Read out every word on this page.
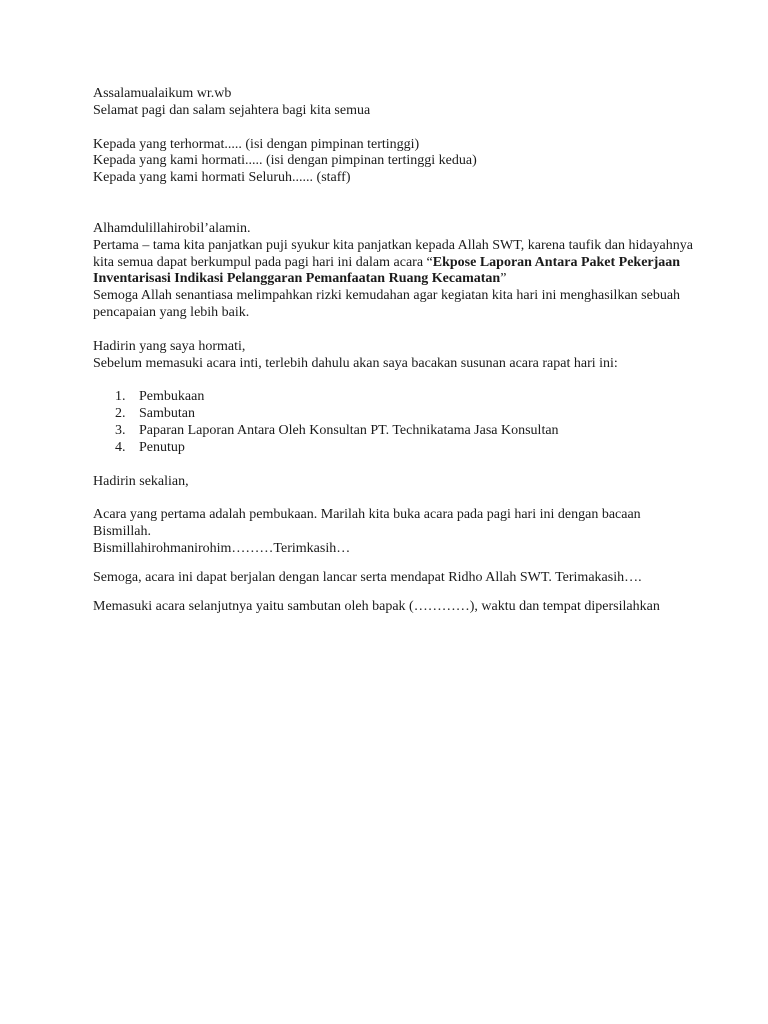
Assalamualaikum wr.wb

Selamat pagi dan salam sejahtera bagi kita semua

Kepada yang terhormat..... (isi dengan pimpinan tertinggi)

Kepada yang kami hormati..... (isi dengan pimpinan tertinggi kedua)

Kepada yang kami hormati Seluruh...... (staff)

Alhamdulillahirobil’alamin.

Pertama – tama kita panjatkan puji syukur kita panjatkan kepada Allah SWT, karena taufik dan hidayahnya kita semua dapat berkumpul pada pagi hari ini dalam acara “Ekpose Laporan Antara Paket Pekerjaan Inventarisasi Indikasi Pelanggaran Pemanfaatan Ruang Kecamatan”

Semoga Allah senantiasa melimpahkan rizki kemudahan agar kegiatan kita hari ini menghasilkan sebuah pencapaian yang lebih baik.

Hadirin yang saya hormati,

Sebelum memasuki acara inti, terlebih dahulu akan saya bacakan susunan acara rapat hari ini:

1. Pembukaan
2. Sambutan
3. Paparan Laporan Antara Oleh Konsultan PT. Technikatama Jasa Konsultan
4. Penutup

Hadirin sekalian,

Acara yang pertama adalah pembukaan. Marilah kita buka acara pada pagi hari ini dengan bacaan Bismillah.

Bismillahirohmanirohim………Terimkasih…

Semoga, acara ini dapat berjalan dengan lancar serta mendapat Ridho Allah SWT. Terimakasih….

Memasuki acara selanjutnya yaitu sambutan oleh bapak (…………), waktu dan tempat dipersilahkan
